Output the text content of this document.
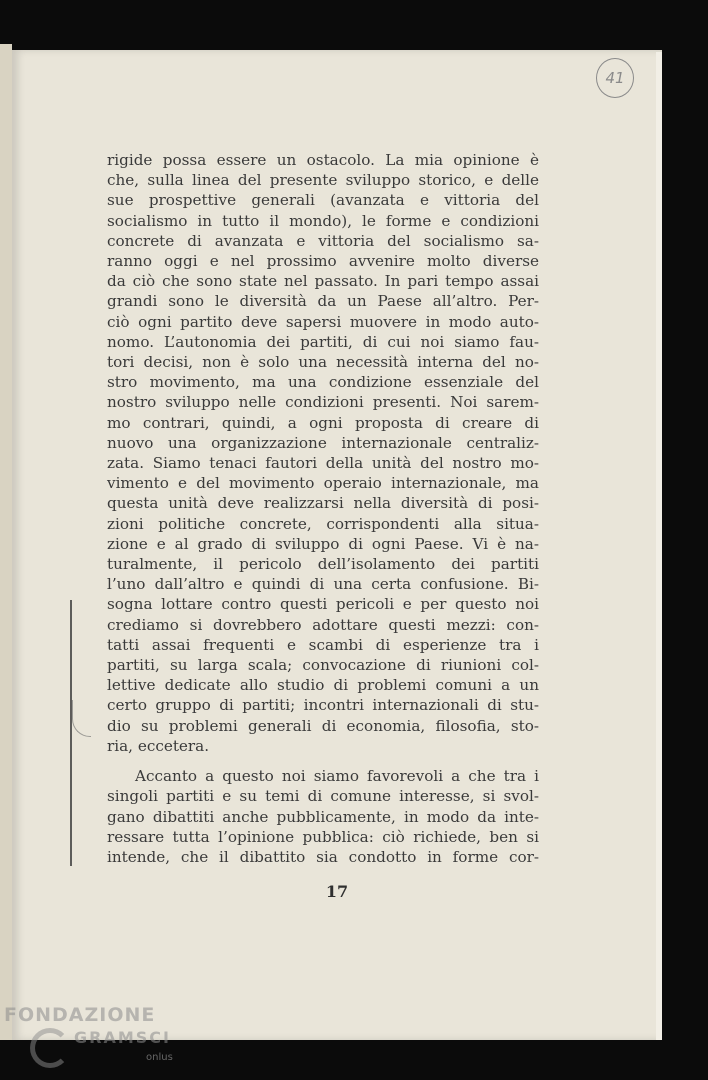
41
rigide possa essere un ostacolo. La mia opinione è
che, sulla linea del presente sviluppo storico, e delle
sue prospettive generali (avanzata e vittoria del
socialismo in tutto il mondo), le forme e condizioni
concrete di avanzata e vittoria del socialismo sa-
ranno oggi e nel prossimo avvenire molto diverse
da ciò che sono state nel passato. In pari tempo assai
grandi sono le diversità da un Paese all’altro. Per-
ciò ogni partito deve sapersi muovere in modo auto-
nomo. L’autonomia dei partiti, di cui noi siamo fau-
tori decisi, non è solo una necessità interna del no-
stro movimento, ma una condizione essenziale del
nostro sviluppo nelle condizioni presenti. Noi sarem-
mo contrari, quindi, a ogni proposta di creare di
nuovo una organizzazione internazionale centraliz-
zata. Siamo tenaci fautori della unità del nostro mo-
vimento e del movimento operaio internazionale, ma
questa unità deve realizzarsi nella diversità di posi-
zioni politiche concrete, corrispondenti alla situa-
zione e al grado di sviluppo di ogni Paese. Vi è na-
turalmente, il pericolo dell’isolamento dei partiti
l’uno dall’altro e quindi di una certa confusione. Bi-
sogna lottare contro questi pericoli e per questo noi
crediamo si dovrebbero adottare questi mezzi: con-
tatti assai frequenti e scambi di esperienze tra i
partiti, su larga scala; convocazione di riunioni col-
lettive dedicate allo studio di problemi comuni a un
certo gruppo di partiti; incontri internazionali di stu-
dio su problemi generali di economia, filosofia, sto-
ria, eccetera.
Accanto a questo noi siamo favorevoli a che tra i
singoli partiti e su temi di comune interesse, si svol-
gano dibattiti anche pubblicamente, in modo da inte-
ressare tutta l’opinione pubblica: ciò richiede, ben si
intende, che il dibattito sia condotto in forme cor-
17
FONDAZIONE
GRAMSCI
onlus
